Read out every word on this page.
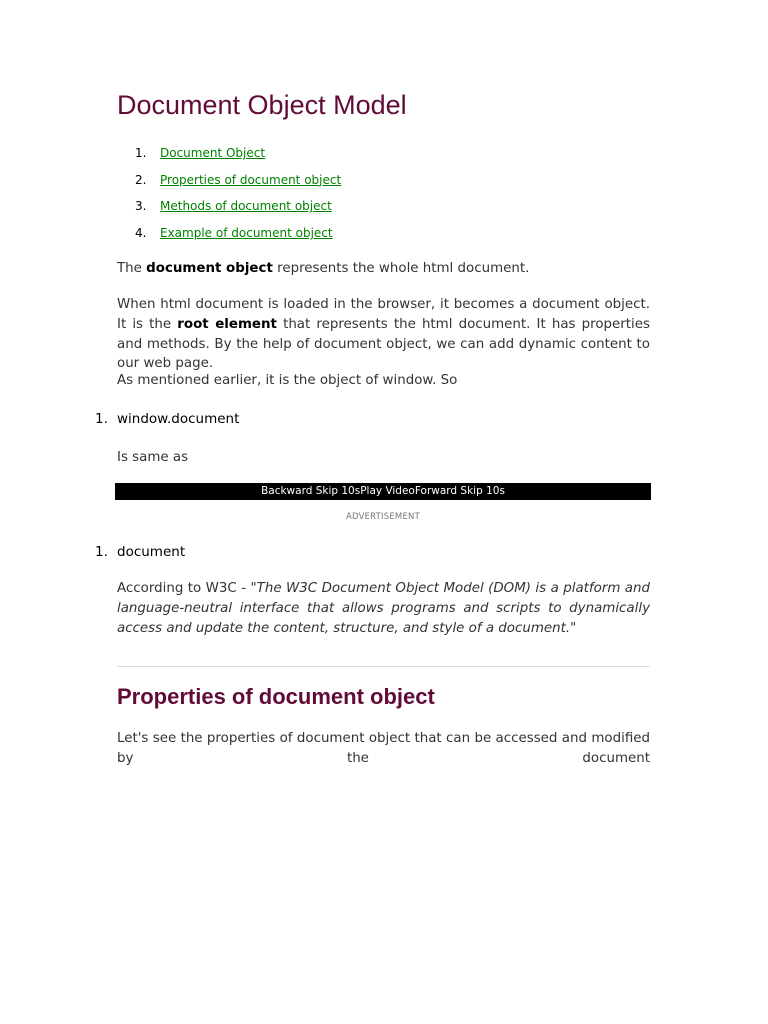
Document Object Model
1. Document Object
2. Properties of document object
3. Methods of document object
4. Example of document object

The document object represents the whole html document.

When html document is loaded in the browser, it becomes a document object. It is the root element that represents the html document. It has properties and methods. By the help of document object, we can add dynamic content to our web page.

As mentioned earlier, it is the object of window. So

1. window.document

Is same as

Backward Skip 10sPlay VideoForward Skip 10s
ADVERTISEMENT
1. document

According to W3C - "The W3C Document Object Model (DOM) is a platform and language-neutral interface that allows programs and scripts to dynamically access and update the content, structure, and style of a document."

Properties of document object

Let's see the properties of document object that can be accessed and modified by the document
